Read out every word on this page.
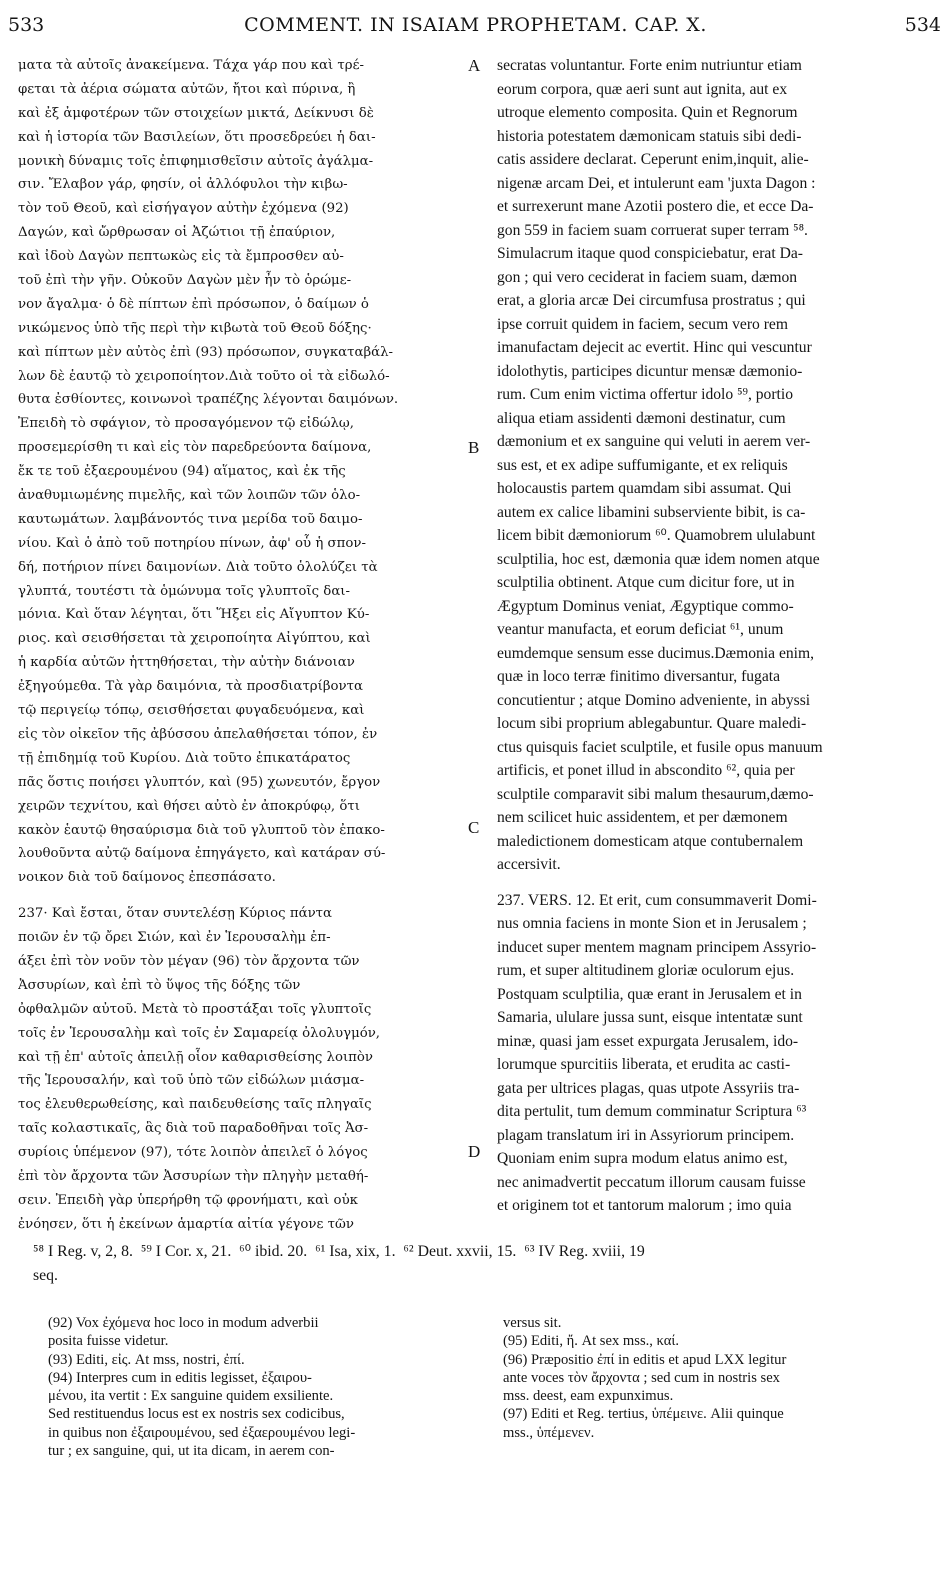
533	COMMENT. IN ISAIAM PROPHETAM. CAP. X.	534
ματα τὰ αὐτοῖς ἀνακείμενα. Τάχα γάρ που καὶ τρέ-
φεται τὰ ἀέρια σώματα αὐτῶν, ἤτοι καὶ πύρινα, ἢ
καὶ ἐξ ἀμφοτέρων τῶν στοιχείων μικτά, Δείκνυσι δὲ
καὶ ἡ ἱστορία τῶν Βασιλείων, ὅτι προσεδρεύει ἡ δαι-
μονικὴ δύναμις τοῖς ἐπιφημισθεῖσιν αὐτοῖς ἀγάλμα-
σιν. Ἔλαβον γάρ, φησίν, οἱ ἀλλόφυλοι τὴν κιβω-
τὸν τοῦ Θεοῦ, καὶ εἰσήγαγον αὐτὴν ἐχόμενα (92)
Δαγών, καὶ ὤρθρωσαν οἱ Ἀζώτιοι τῇ ἐπαύριον,
καὶ ἰδοὺ Δαγὼν πεπτωκὼς εἰς τὰ ἔμπροσθεν αὐ-
τοῦ ἐπὶ τὴν γῆν. Οὐκοῦν Δαγὼν μὲν ἦν τὸ ὁρώμε-
νον ἄγαλμα· ὁ δὲ πίπτων ἐπὶ πρόσωπον, ὁ δαίμων ὁ
νικώμενος ὑπὸ τῆς περὶ τὴν κιβωτὰ τοῦ Θεοῦ δόξης·
καὶ πίπτων μὲν αὐτὸς ἐπὶ (93) πρόσωπον, συγκαταβάλ-
λων δὲ ἑαυτῷ τὸ χειροποίητον.Διὰ τοῦτο οἱ τὰ εἰδωλό-
θυτα ἐσθίοντες, κοινωνοὶ τραπέζης λέγονται δαιμόνων.
Ἐπειδὴ τὸ σφάγιον, τὸ προσαγόμενον τῷ εἰδώλῳ,
προσεμερίσθη τι καὶ εἰς τὸν παρεδρεύοντα δαίμονα,
ἔκ τε τοῦ ἐξαερουμένου (94) αἵματος, καὶ ἐκ τῆς
ἀναθυμιωμένης πιμελῆς, καὶ τῶν λοιπῶν τῶν ὁλο-
καυτωμάτων. λαμβάνοντός τινα μερίδα τοῦ δαιμο-
νίου. Καὶ ὁ ἀπὸ τοῦ ποτηρίου πίνων, ἀφ' οὗ ἡ σπον-
δή, ποτήριον πίνει δαιμονίων. Διὰ τοῦτο ὁλολύζει τὰ
γλυπτά, τουτέστι τὰ ὁμώνυμα τοῖς γλυπτοῖς δαι-
μόνια. Καὶ ὅταν λέγηται, ὅτι Ἥξει εἰς Αἴγυπτον Κύ-
ριος. καὶ σεισθήσεται τὰ χειροποίητα Αἰγύπτου, καὶ
ἡ καρδία αὐτῶν ἡττηθήσεται, τὴν αὐτὴν διάνοιαν
ἐξηγούμεθα. Τὰ γὰρ δαιμόνια, τὰ προσδιατρίβοντα
τῷ περιγείῳ τόπῳ, σεισθήσεται φυγαδευόμενα, καὶ
εἰς τὸν οἰκεῖον τῆς ἀβύσσου ἀπελαθήσεται τόπον, ἐν
τῇ ἐπιδημίᾳ τοῦ Κυρίου. Διὰ τοῦτο ἐπικατάρατος
πᾶς ὅστις ποιήσει γλυπτόν, καὶ (95) χωνευτόν, ἔργον
χειρῶν τεχνίτου, καὶ θήσει αὐτὸ ἐν ἀποκρύφῳ, ὅτι
κακὸν ἑαυτῷ θησαύρισμα διὰ τοῦ γλυπτοῦ τὸν ἐπακο-
λουθοῦντα αὐτῷ δαίμονα ἐπηγάγετο, καὶ κατάραν σύ-
νοικον διὰ τοῦ δαίμονος ἐπεσπάσατο.
237· Καὶ ἔσται, ὅταν συντελέσῃ Κύριος πάντα
ποιῶν ἐν τῷ ὄρει Σιών, καὶ ἐν Ἱερουσαλὴμ ἐπ-
άξει ἐπὶ τὸν νοῦν τὸν μέγαν (96) τὸν ἄρχοντα τῶν
Ἀσσυρίων, καὶ ἐπὶ τὸ ὕψος τῆς δόξης τῶν
ὀφθαλμῶν αὐτοῦ. Μετὰ τὸ προστάξαι τοῖς γλυπτοῖς
τοῖς ἐν Ἱερουσαλὴμ καὶ τοῖς ἐν Σαμαρείᾳ ὀλολυγμόν,
καὶ τῇ ἐπ' αὐτοῖς ἀπειλῇ οἷον καθαρισθείσης λοιπὸν
τῆς Ἱερουσαλήν, καὶ τοῦ ὑπὸ τῶν εἰδώλων μιάσμα-
τος ἐλευθερωθείσης, καὶ παιδευθείσης ταῖς πληγαῖς
ταῖς κολαστικαῖς, ἃς διὰ τοῦ παραδοθῆναι τοῖς Ἀσ-
συρίοις ὑπέμενον (97), τότε λοιπὸν ἀπειλεῖ ὁ λόγος
ἐπὶ τὸν ἄρχοντα τῶν Ἀσσυρίων τὴν πληγὴν μεταθή-
σειν. Ἐπειδὴ γὰρ ὑπερήρθη τῷ φρονήματι, καὶ οὐκ
ἐνόησεν, ὅτι ἡ ἐκείνων ἁμαρτία αἰτία γέγονε τῶν
secratas voluntantur. Forte enim nutriuntur etiam
eorum corpora, quæ aeri sunt aut ignita, aut ex
utroque elemento composita. Quin et Regnorum
historia potestatem dæmonicam statuis sibi dedi-
catis assidere declarat. Ceperunt enim,inquit, alie-
nigenæ arcam Dei, et intulerunt eam 'juxta Dagon :
et surrexerunt mane Azotii postero die, et ecce Da-
gon 559 in faciem suam corruerat super terram ⁵⁸.
Simulacrum itaque quod conspiciebatur, erat Da-
gon ; qui vero ceciderat in faciem suam, dæmon
erat, a gloria arcæ Dei circumfusa prostratus ; qui
ipse corruit quidem in faciem, secum vero rem
imanufactam dejecit ac evertit. Hinc qui vescuntur
idolothytis, participes dicuntur mensæ dæmonio-
rum. Cum enim victima offertur idolo ⁵⁹, portio
aliqua etiam assidenti dæmoni destinatur, cum
dæmonium et ex sanguine qui veluti in aerem ver-
sus est, et ex adipe suffumigante, et ex reliquis
holocaustis partem quamdam sibi assumat. Qui
autem ex calice libamini subserviente bibit, is ca-
licem bibit dæmoniorum ⁶⁰. Quamobrem ululabunt
sculptilia, hoc est, dæmonia quæ idem nomen atque
sculptilia obtinent. Atque cum dicitur fore, ut in
Ægyptum Dominus veniat, Ægyptique commo-
veantur manufacta, et eorum deficiat ⁶¹, unum
eumdemque sensum esse ducimus.Dæmonia enim,
quæ in loco terræ finitimo diversantur, fugata
concutientur ; atque Domino adveniente, in abyssi
locum sibi proprium ablegabuntur. Quare maledi-
ctus quisquis faciet sculptile, et fusile opus manuum
artificis, et ponet illud in abscondito ⁶², quia per
sculptile comparavit sibi malum thesaurum,dæmo-
nem scilicet huic assidentem, et per dæmonem
maledictionem domesticam atque contubernalem
accersivit.
237. VERS. 12. Et erit, cum consummaverit Domi-
nus omnia faciens in monte Sion et in Jerusalem ;
inducet super mentem magnam principem Assyrio-
rum, et super altitudinem gloriæ oculorum ejus.
Postquam sculptilia, quæ erant in Jerusalem et in
Samaria, ululare jussa sunt, eisque intentatæ sunt
minæ, quasi jam esset expurgata Jerusalem, ido-
lorumque spurcitiis liberata, et erudita ac casti-
gata per ultrices plagas, quas utpote Assyriis tra-
dita pertulit, tum demum comminatur Scriptura ⁶³
plagam translatum iri in Assyriorum principem.
Quoniam enim supra modum elatus animo est,
nec animadvertit peccatum illorum causam fuisse
et originem tot et tantorum malorum ; imo quia
A
B
C
D
⁵⁸ I Reg. v, 2, 8.  ⁵⁹ I Cor. x, 21.  ⁶⁰ ibid. 20.  ⁶¹ Isa, xix, 1.  ⁶² Deut. xxvii, 15.  ⁶³ IV Reg. xviii, 19
seq.
(92) Vox ἐχόμενα hoc loco in modum adverbii
posita fuisse videtur.
(93) Editi, εἰς. At mss, nostri, ἐπί.
(94) Interpres cum in editis legisset, ἐξαιρου-
μένου, ita vertit : Ex sanguine quidem exsiliente.
Sed restituendus locus est ex nostris sex codicibus,
in quibus non ἐξαιρουμένου, sed ἐξαερουμένου legi-
tur ; ex sanguine, qui, ut ita dicam, in aerem con-
versus sit.
(95) Editi, ἤ. At sex mss., καί.
(96) Præpositio ἐπί in editis et apud LXX legitur
ante voces τὸν ἄρχοντα ; sed cum in nostris sex
mss. deest, eam expunximus.
(97) Editi et Reg. tertius, ὑπέμεινε. Alii quinque
mss., ὑπέμενεν.
